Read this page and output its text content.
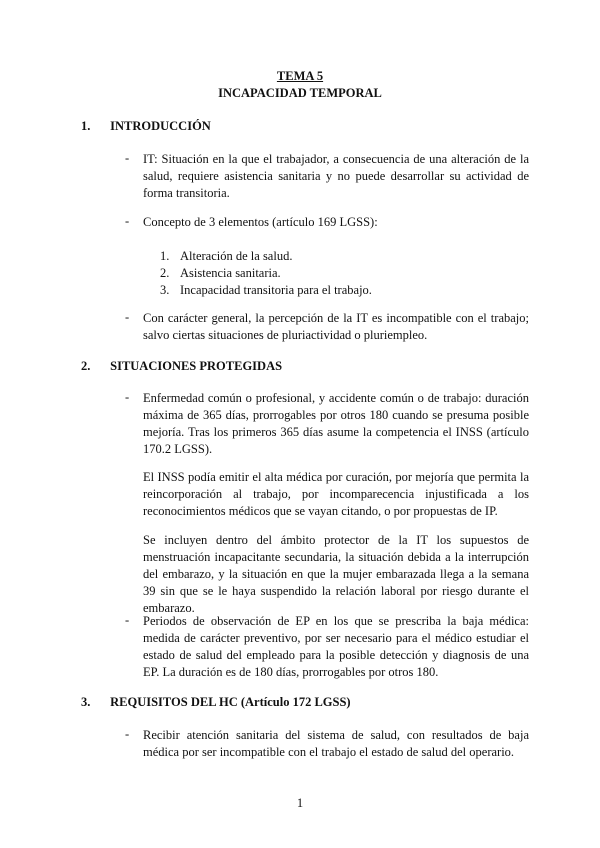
TEMA 5
INCAPACIDAD TEMPORAL
1. INTRODUCCIÓN
- IT: Situación en la que el trabajador, a consecuencia de una alteración de la salud, requiere asistencia sanitaria y no puede desarrollar su actividad de forma transitoria.

- Concepto de 3 elementos (artículo 169 LGSS):

1. Alteración de la salud.
2. Asistencia sanitaria.
3. Incapacidad transitoria para el trabajo.
- Con carácter general, la percepción de la IT es incompatible con el trabajo; salvo ciertas situaciones de pluriactividad o pluriempleo.

2. SITUACIONES PROTEGIDAS
- Enfermedad común o profesional, y accidente común o de trabajo: duración máxima de 365 días, prorrogables por otros 180 cuando se presuma posible mejoría. Tras los primeros 365 días asume la competencia el INSS (artículo 170.2 LGSS).

El INSS podía emitir el alta médica por curación, por mejoría que permita la reincorporación al trabajo, por incomparecencia injustificada a los reconocimientos médicos que se vayan citando, o por propuestas de IP.

Se incluyen dentro del ámbito protector de la IT los supuestos de menstruación incapacitante secundaria, la situación debida a la interrupción del embarazo, y la situación en que la mujer embarazada llega a la semana 39 sin que se le haya suspendido la relación laboral por riesgo durante el embarazo.

- Periodos de observación de EP en los que se prescriba la baja médica: medida de carácter preventivo, por ser necesario para el médico estudiar el estado de salud del empleado para la posible detección y diagnosis de una EP. La duración es de 180 días, prorrogables por otros 180.

3. REQUISITOS DEL HC (Artículo 172 LGSS)
- Recibir atención sanitaria del sistema de salud, con resultados de baja médica por ser incompatible con el trabajo el estado de salud del operario.

1
